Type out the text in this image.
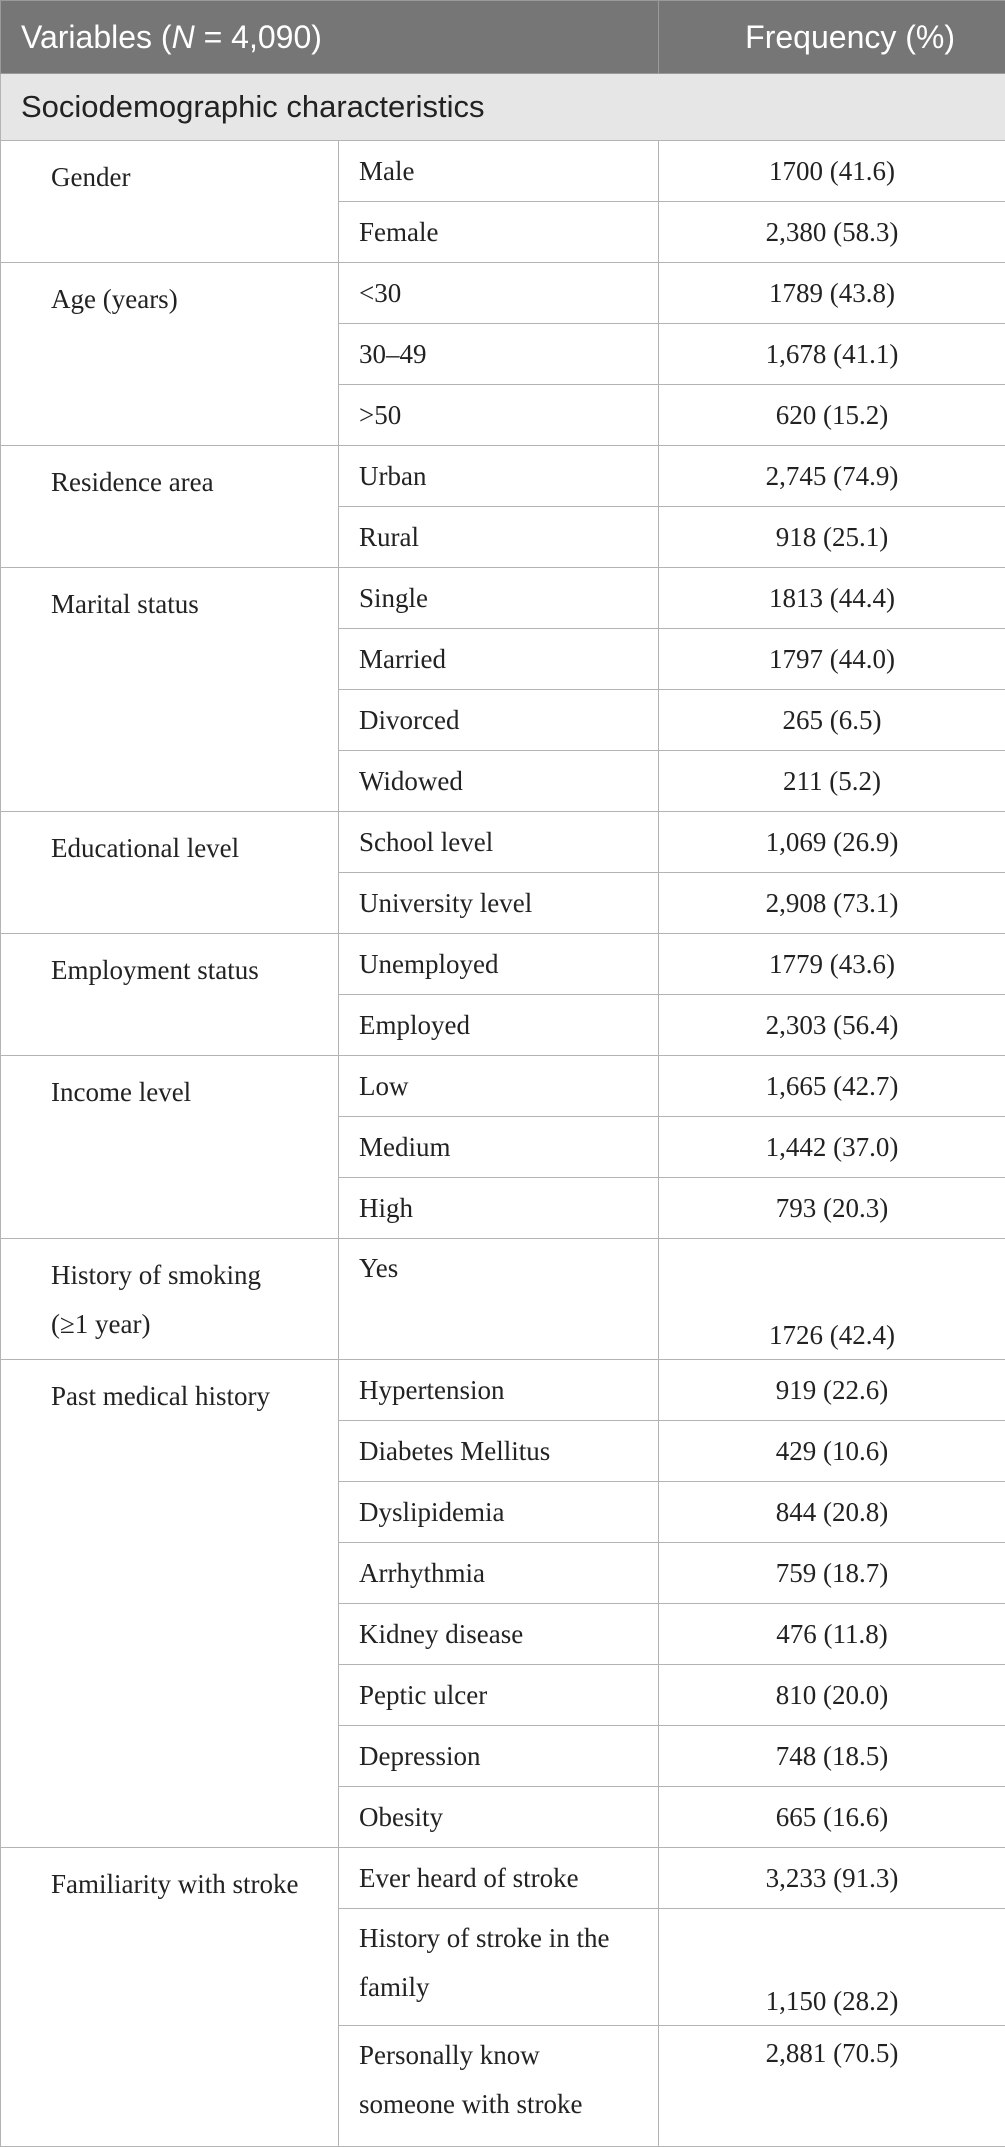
Variables (N = 4,090)		Frequency (%)
Sociodemographic characteristics		
Gender	Male	1700 (41.6)
	Female	2,380 (58.3)
Age (years)	<30	1789 (43.8)
	30–49	1,678 (41.1)
	>50	620 (15.2)
Residence area	Urban	2,745 (74.9)
	Rural	918 (25.1)
Marital status	Single	1813 (44.4)
	Married	1797 (44.0)
	Divorced	265 (6.5)
	Widowed	211 (5.2)
Educational level	School level	1,069 (26.9)
	University level	2,908 (73.1)
Employment status	Unemployed	1779 (43.6)
	Employed	2,303 (56.4)
Income level	Low	1,665 (42.7)
	Medium	1,442 (37.0)
	High	793 (20.3)
History of smoking
(≥1 year)	Yes	1726 (42.4)
Past medical history	Hypertension	919 (22.6)
	Diabetes Mellitus	429 (10.6)
	Dyslipidemia	844 (20.8)
	Arrhythmia	759 (18.7)
	Kidney disease	476 (11.8)
	Peptic ulcer	810 (20.0)
	Depression	748 (18.5)
	Obesity	665 (16.6)
Familiarity with stroke	Ever heard of stroke	3,233 (91.3)
	History of stroke in the
family	1,150 (28.2)
	Personally know
someone with stroke	2,881 (70.5)
